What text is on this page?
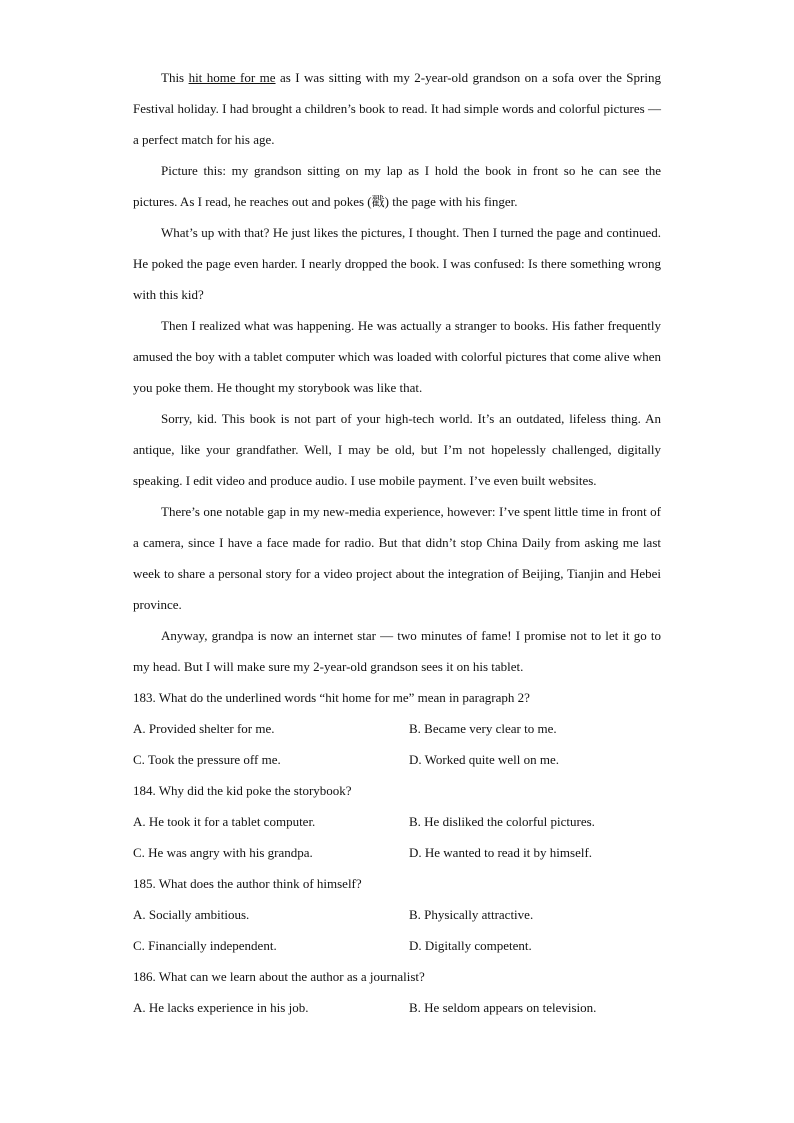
This hit home for me as I was sitting with my 2-year-old grandson on a sofa over the Spring Festival holiday. I had brought a children’s book to read. It had simple words and colorful pictures — a perfect match for his age.

Picture this: my grandson sitting on my lap as I hold the book in front so he can see the pictures. As I read, he reaches out and pokes (戳) the page with his finger.

What’s up with that? He just likes the pictures, I thought. Then I turned the page and continued. He poked the page even harder. I nearly dropped the book. I was confused: Is there something wrong with this kid?

Then I realized what was happening. He was actually a stranger to books. His father frequently amused the boy with a tablet computer which was loaded with colorful pictures that come alive when you poke them. He thought my storybook was like that.

Sorry, kid. This book is not part of your high-tech world. It’s an outdated, lifeless thing. An antique, like your grandfather. Well, I may be old, but I’m not hopelessly challenged, digitally speaking. I edit video and produce audio. I use mobile payment. I’ve even built websites.

There’s one notable gap in my new-media experience, however: I’ve spent little time in front of a camera, since I have a face made for radio. But that didn’t stop China Daily from asking me last week to share a personal story for a video project about the integration of Beijing, Tianjin and Hebei province.

Anyway, grandpa is now an internet star — two minutes of fame! I promise not to let it go to my head. But I will make sure my 2-year-old grandson sees it on his tablet.

183. What do the underlined words “hit home for me” mean in paragraph 2?

A. Provided shelter for me.	B. Became very clear to me.

C. Took the pressure off me.	D. Worked quite well on me.

184. Why did the kid poke the storybook?

A. He took it for a tablet computer.	B. He disliked the colorful pictures.

C. He was angry with his grandpa.	D. He wanted to read it by himself.

185. What does the author think of himself?

A. Socially ambitious.	B. Physically attractive.

C. Financially independent.	D. Digitally competent.

186. What can we learn about the author as a journalist?

A. He lacks experience in his job.	B. He seldom appears on television.
